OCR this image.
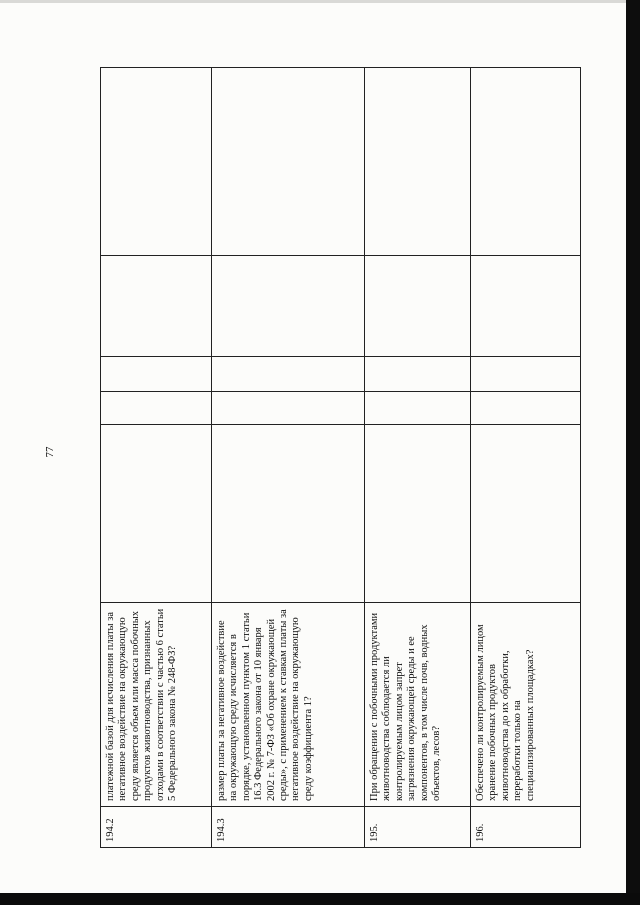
77
194.2	платежной базой для исчисления платы за негативное воздействие на окружающую среду является объем или масса побочных продуктов животноводства, признанных отходами в соответствии с частью 6 статьи 5 Федерального закона № 248-ФЗ?					
194.3	размер платы за негативное воздействие на окружающую среду исчисляется в порядке, установленном пунктом 1 статьи 16.3 Федерального закона от 10 января 2002 г. № 7-ФЗ «Об охране окружающей среды», с применением к ставкам платы за негативное воздействие на окружающую среду коэффициента 1?					
195.	При обращении с побочными продуктами животноводства соблюдается ли контролируемым лицом запрет загрязнения окружающей среды и ее компонентов, в том числе почв, водных объектов, лесов?					
196.	Обеспечено ли контролируемым лицом хранение побочных продуктов животноводства до их обработки, переработки только на специализированных площадках?					
